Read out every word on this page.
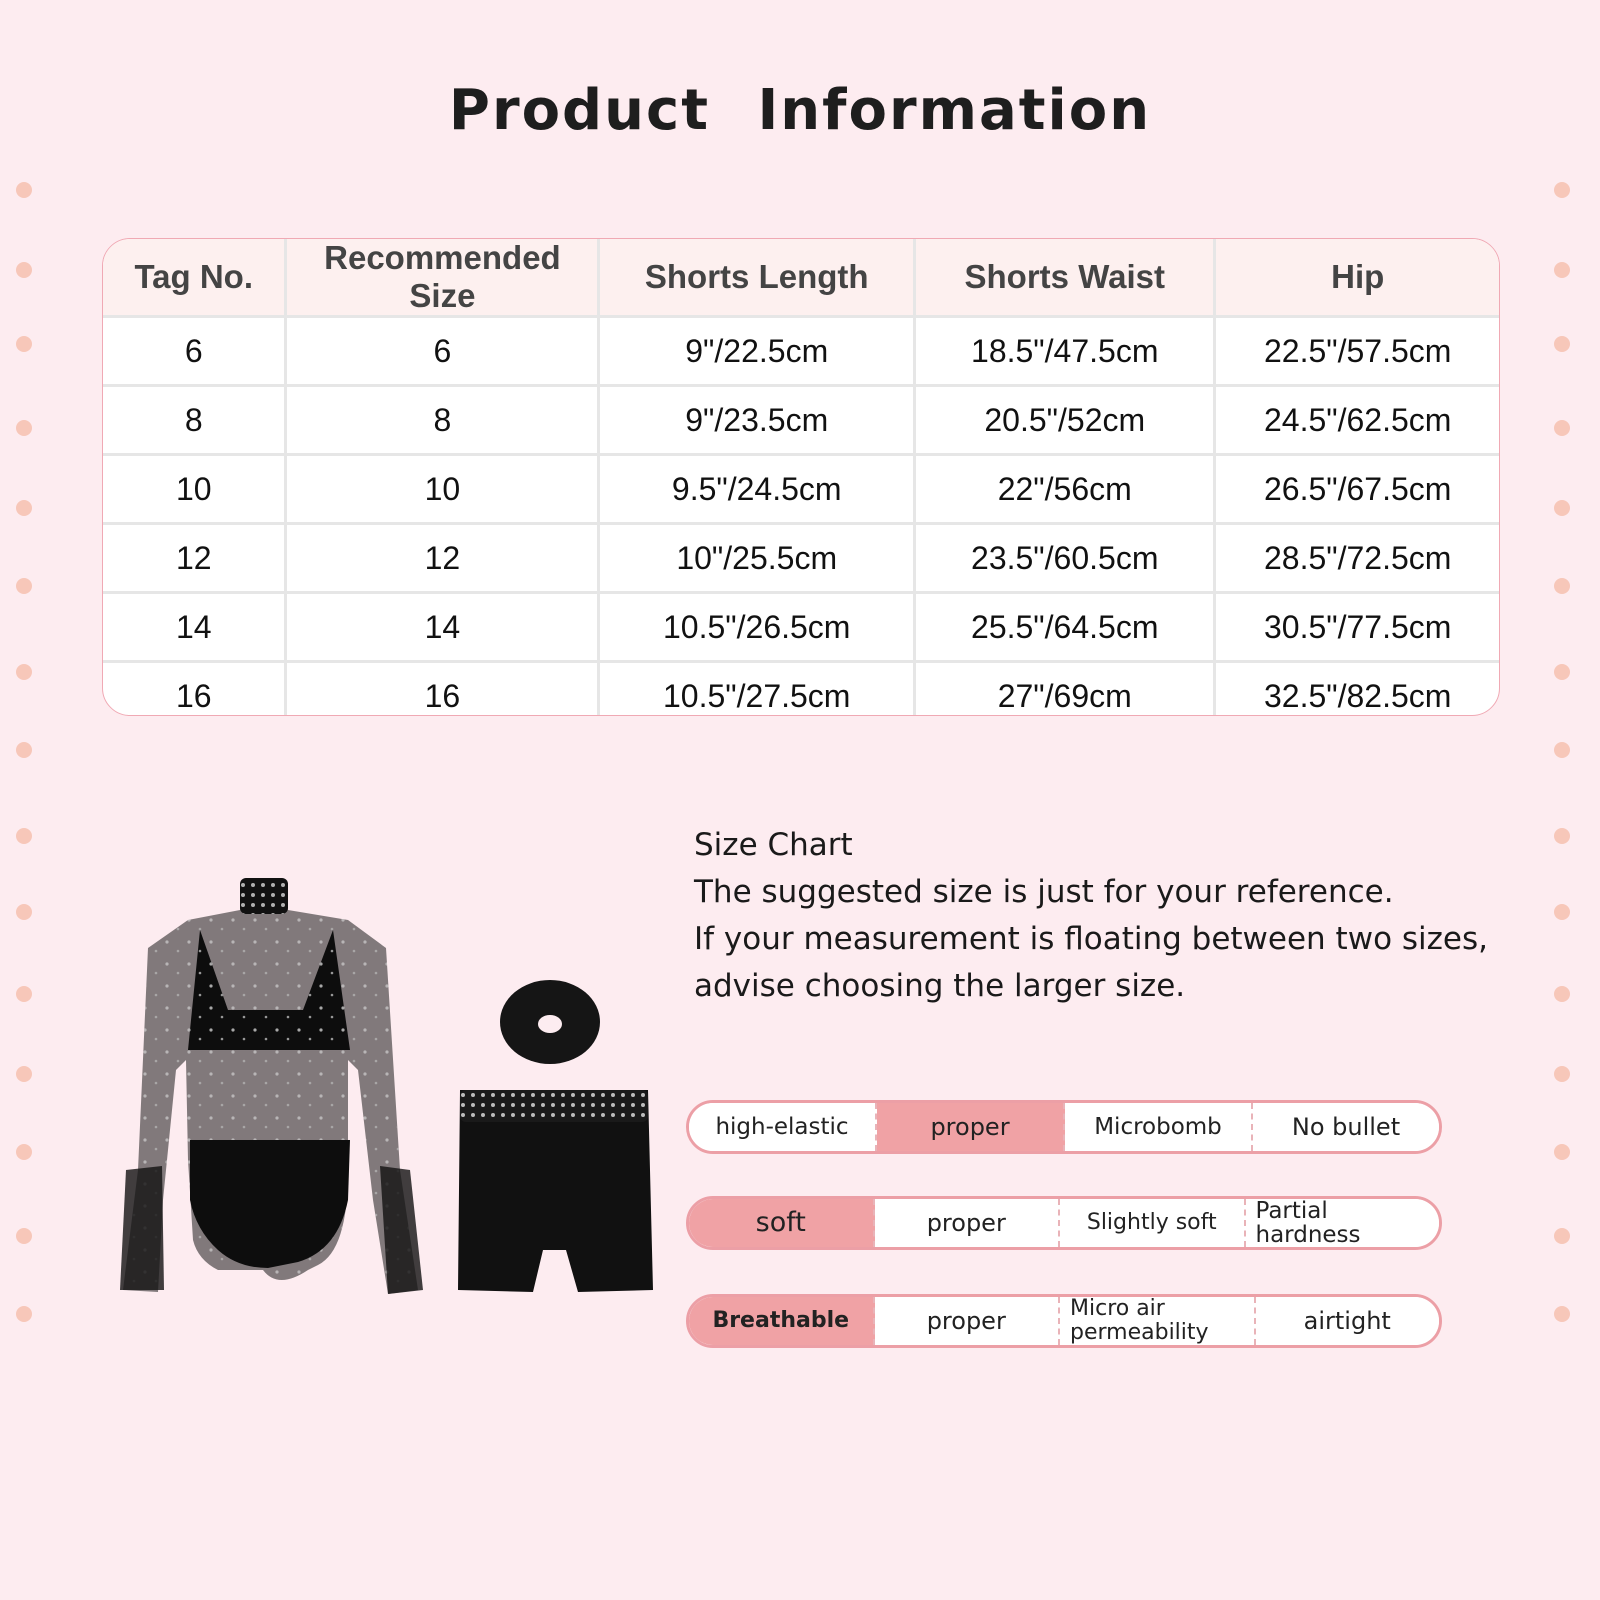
Product Information
Tag No.	Recommended Size	Shorts Length	Shorts Waist	Hip
6	6	9"/22.5cm	18.5"/47.5cm	22.5"/57.5cm
8	8	9"/23.5cm	20.5"/52cm	24.5"/62.5cm
10	10	9.5"/24.5cm	22"/56cm	26.5"/67.5cm
12	12	10"/25.5cm	23.5"/60.5cm	28.5"/72.5cm
14	14	10.5"/26.5cm	25.5"/64.5cm	30.5"/77.5cm
16	16	10.5"/27.5cm	27"/69cm	32.5"/82.5cm
Size Chart
The suggested size is just for your reference.
If your measurement is floating between two sizes,
advise choosing the larger size.
high-elastic	proper	Microbomb	No bullet
soft	proper	Slightly soft	Partial hardness
Breathable	proper	Micro air permeability	airtight
